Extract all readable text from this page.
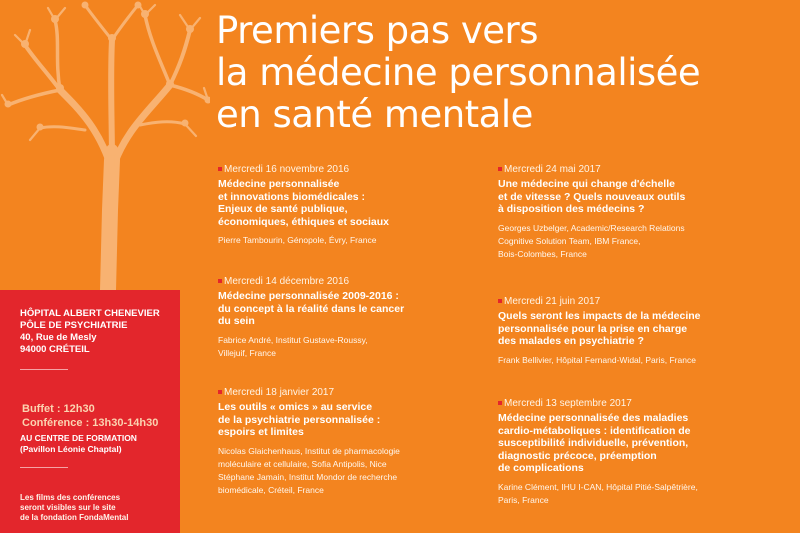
Premiers pas vers
la médecine personnalisée
en santé mentale
HÔPITAL ALBERT CHENEVIER
PÔLE DE PSYCHIATRIE
40, Rue de Mesly
94000 CRÉTEIL
Buffet : 12h30
Conférence : 13h30-14h30
AU CENTRE DE FORMATION
(Pavillon Léonie Chaptal)
Les films des conférences
seront visibles sur le site
de la fondation FondaMental
Mercredi 16 novembre 2016
Médecine personnalisée
et innovations biomédicales :
Enjeux de santé publique,
économiques, éthiques et sociaux
Pierre Tambourin, Génopole, Évry, France
Mercredi 14 décembre 2016
Médecine personnalisée 2009-2016 :
du concept à la réalité dans le cancer
du sein
Fabrice André, Institut Gustave-Roussy,
Villejuif, France
Mercredi 18 janvier 2017
Les outils « omics » au service
de la psychiatrie personnalisée :
espoirs et limites
Nicolas Glaichenhaus, Institut de pharmacologie
moléculaire et cellulaire, Sofia Antipolis, Nice
Stéphane Jamain, Institut Mondor de recherche
biomédicale, Créteil, France
Mercredi 24 mai 2017
Une médecine qui change d'échelle
et de vitesse ? Quels nouveaux outils
à disposition des médecins ?
Georges Uzbelger, Academic/Research Relations
Cognitive Solution Team, IBM France,
Bois-Colombes, France
Mercredi 21 juin 2017
Quels seront les impacts de la médecine
personnalisée pour la prise en charge
des malades en psychiatrie ?
Frank Bellivier, Hôpital Fernand-Widal, Paris, France
Mercredi 13 septembre 2017
Médecine personnalisée des maladies
cardio-métaboliques : identification de
susceptibilité individuelle, prévention,
diagnostic précoce, préemption
de complications
Karine Clément, IHU I-CAN, Hôpital Pitié-Salpêtrière,
Paris, France
